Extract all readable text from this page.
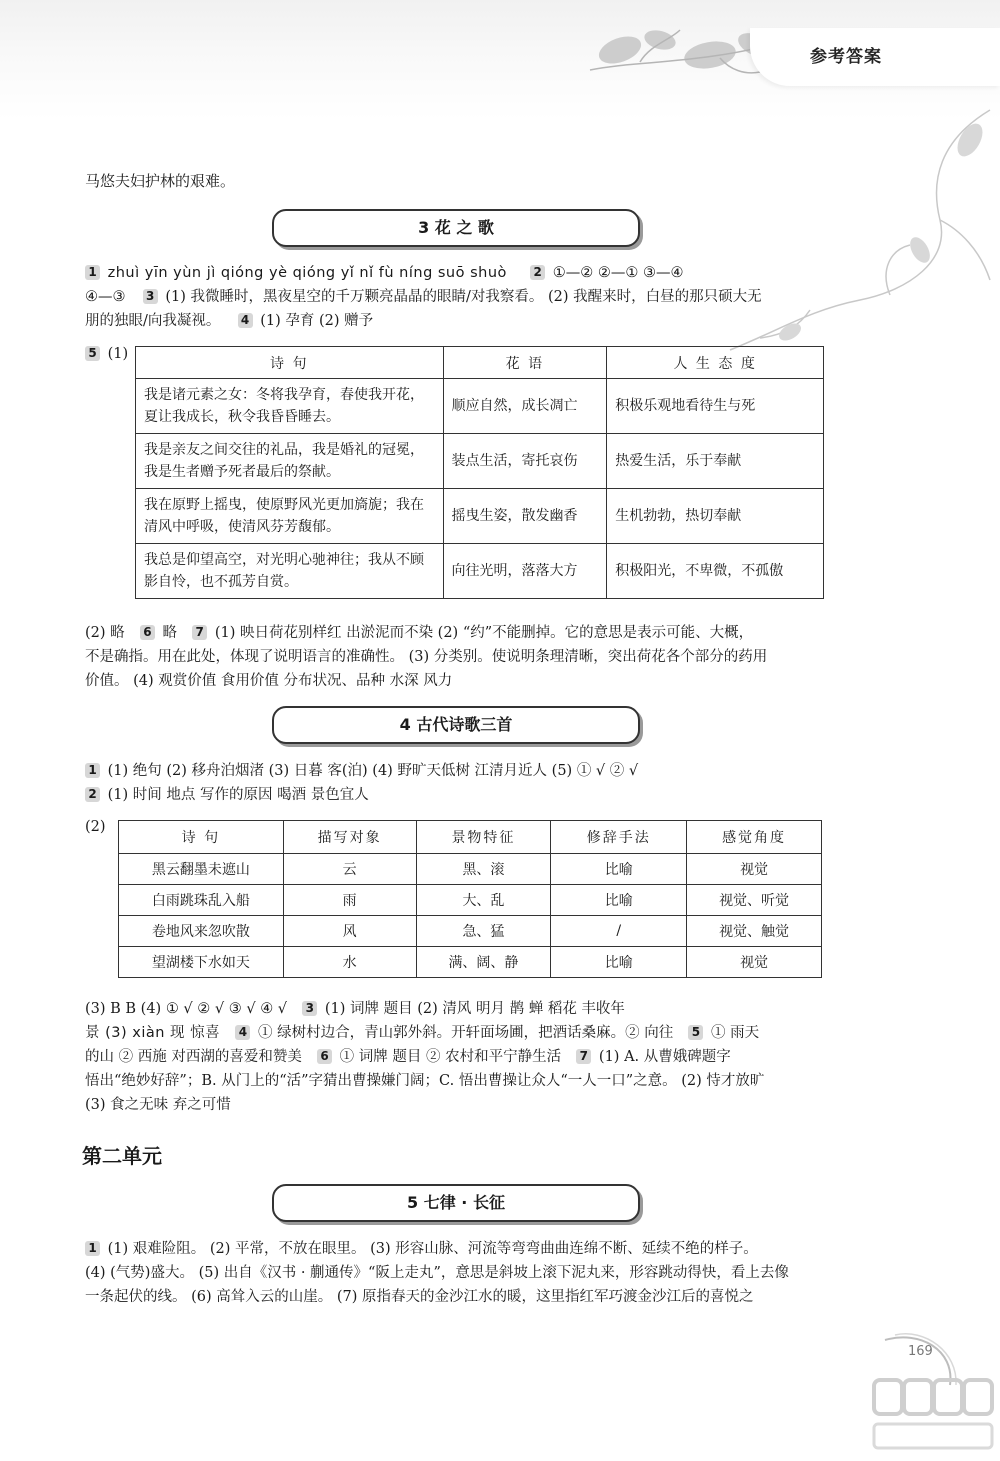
参考答案
马悠夫妇护林的艰难。
3 花 之 歌
1 zhuì yīn yùn jì qióng yè qióng yǐ nǐ fù níng suō shuò 2 ①—② ②—① ③—④
④—③ 3 (1) 我微睡时，黑夜星空的千万颗亮晶晶的眼睛/对我察看。 (2) 我醒来时，白昼的那只硕大无
朋的独眼/向我凝视。 4 (1) 孕育 (2) 赠予
5 (1)
诗 句	花 语	人 生 态 度
我是诸元素之女：冬将我孕育，春使我开花，夏让我成长，秋令我昏昏睡去。	顺应自然，成长凋亡	积极乐观地看待生与死
我是亲友之间交往的礼品，我是婚礼的冠冕，我是生者赠予死者最后的祭献。	装点生活，寄托哀伤	热爱生活，乐于奉献
我在原野上摇曳，使原野风光更加旖旎；我在清风中呼吸，使清风芬芳馥郁。	摇曳生姿，散发幽香	生机勃勃，热切奉献
我总是仰望高空，对光明心驰神往；我从不顾影自怜，也不孤芳自赏。	向往光明，落落大方	积极阳光，不卑微，不孤傲
(2) 略 6 略 7 (1) 映日荷花别样红 出淤泥而不染 (2) “约”不能删掉。它的意思是表示可能、大概，
不是确指。用在此处，体现了说明语言的准确性。 (3) 分类别。使说明条理清晰，突出荷花各个部分的药用
价值。 (4) 观赏价值 食用价值 分布状况、品种 水深 风力
4 古代诗歌三首
1 (1) 绝句 (2) 移舟泊烟渚 (3) 日暮 客(泊) (4) 野旷天低树 江清月近人 (5) ① √ ② √
2 (1) 时间 地点 写作的原因 喝酒 景色宜人
(2)
诗 句	描写对象	景物特征	修辞手法	感觉角度
黑云翻墨未遮山	云	黑、滚	比喻	视觉
白雨跳珠乱入船	雨	大、乱	比喻	视觉、听觉
卷地风来忽吹散	风	急、猛	/	视觉、触觉
望湖楼下水如天	水	满、阔、静	比喻	视觉
(3) B B (4) ① √ ② √ ③ √ ④ √ 3 (1) 词牌 题目 (2) 清风 明月 鹊 蝉 稻花 丰收年
景 (3) xiàn 现 惊喜 4 ① 绿树村边合，青山郭外斜。开轩面场圃，把酒话桑麻。② 向往 5 ① 雨天
的山 ② 西施 对西湖的喜爱和赞美 6 ① 词牌 题目 ② 农村和平宁静生活 7 (1) A. 从曹娥碑题字
悟出“绝妙好辞”；B. 从门上的“活”字猜出曹操嫌门阔；C. 悟出曹操让众人“一人一口”之意。 (2) 恃才放旷
(3) 食之无味 弃之可惜
第二单元
5 七律 · 长征
1 (1) 艰难险阻。 (2) 平常，不放在眼里。 (3) 形容山脉、河流等弯弯曲曲连绵不断、延续不绝的样子。
(4) (气势)盛大。 (5) 出自《汉书 · 蒯通传》“阪上走丸”，意思是斜坡上滚下泥丸来，形容跳动得快，看上去像
一条起伏的线。 (6) 高耸入云的山崖。 (7) 原指春天的金沙江水的暖，这里指红军巧渡金沙江后的喜悦之
169
